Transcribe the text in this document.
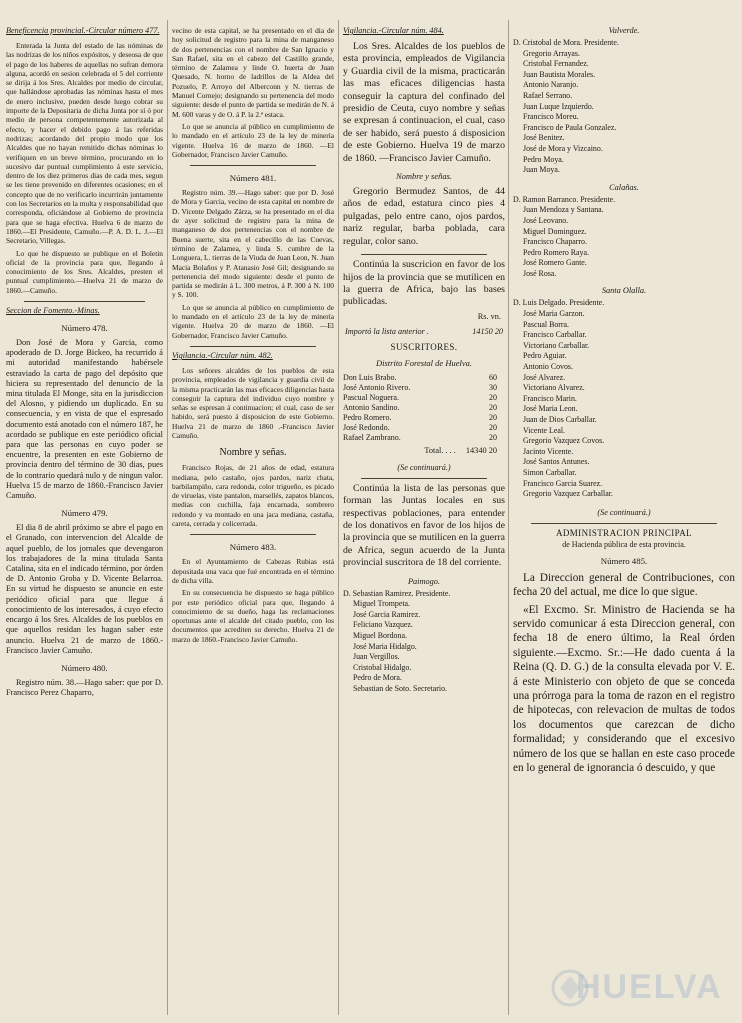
Beneficencia provincial.-Circular número 477.

Enterada la Junta del estado de las nóminas de las nodrizas de los niños expósitos, y deseosa de que el pago de los haberes de aquellas no sufran demora alguna, acordó en sesion celebrada el 5 del corriente se dirija á los Sres. Alcaldes por medio de circular, que hallándose aprobadas las nóminas hasta el mes de enero inclusive, pueden desde luego cobrar su importe de la Depositaria de dicha Junta por sí ó por medio de persona competentemente autorizada al efecto, y hacer el debido pago á las referidas nodrizas; acordando del propio modo que los Alcaldes que no hayan remitido dichas nóminas lo verifiquen en un breve término, procurando en lo sucesivo dar puntual cumplimiento á este servicio, dentro de los diez primeros dias de cada mes, segun se les tiene prevenido en diferentes ocasiones; en el concepto que de no verificarlo incurrirán juntamente con los Secretarios en la multa y responsabilidad que corresponda, oficiándose al Gobierno de provincia para que se haga efectiva. Huelva 6 de marzo de 1860.—El Presidente, Camuño.—P. A. D. L. J.—El Secretario, Villegas.

Lo que he dispuesto se publique en el Boletin oficial de la provincia para que, llegando á conocimiento de los Sres. Alcaldes, presten el puntual cumplimiento.—Huelva 21 de marzo de 1860.—Camuño.

Seccion de Fomento.-Minas.
Número 478.

Don José de Mora y Garcia, como apoderado de D. Jorge Bickeo, ha recurrido á mi autoridad manifestando habérsele estraviado la carta de pago del depósito que hiciera su representado del denuncio de la mina titulada El Monge, sita en la jurisdiccion del Alosno, y pidiendo un duplicado. En su consecuencia, y en vista de que el espresado documento está anotado con el número 187, he acordado se publique en este periódico oficial para que las personas en cuyo poder se encuentre, la presenten en este Gobierno de provincia dentro del término de 30 dias, pues de lo contrario quedará nulo y de ningun valor. Huelva 15 de marzo de 1860.-Francisco Javier Camuño.

Número 479.

El dia 8 de abril próximo se abre el pago en el Granado, con intervencion del Alcalde de aquel pueblo, de los jornales que devengaron los trabajadores de la mina titulada Santa Catalina, sita en el indicado término, por órden de D. Antonio Groba y D. Vicente Belarroa. En su virtud he dispuesto se anuncie en este periódico oficial para que llegue á conocimiento de los interesados, á cuyo efecto encargo á los Sres. Alcaldes de los pueblos en que aquellos residan les hagan saber este anuncio. Huelva 21 de marzo de 1860.-Francisco Javier Camuño.

Número 480.

Registro núm. 38.—Hago saber: que por D. Francisco Perez Chaparro,

vecino de esta capital, se ha presentado en el dia de hoy solicitud de registro para la mina de manganeso de dos pertenencias con el nombre de San Ignacio y San Rafael, sita en el cabezo del Castillo grande, término de Zalamea y linde O. huerta de Juan Quesado, N. horno de ladrillos de la Aldea del Pozuelo, P. Arroyo del Alberconn y N. tierras de Manuel Cornejo; designando su pertenencia del modo siguiente: desde el punto de partida se medirán de N. á M. 600 varas y de O. á P. la 2.ª estaca.

Lo que se anuncia al público en cumplimiento de lo mandado en el artículo 23 de la ley de minería vigente. Huelva 16 de marzo de 1860. —El Gobernador, Francisco Javier Camuño.

Número 481.

Registro núm. 39.—Hago saber: que por D. José de Mora y Garcia, vecino de esta capital en nombre de D. Vicente Delgado Zárza, se ha presentado en el dia de ayer solicitud de registro para la mina de manganeso de dos pertenencias con el nombre de Buena suerte, sita en el cabecillo de las Cuevas, término de Zalamea, y linda S. cumbre de la Longuera, L. tierras de la Viuda de Juan Leon, N. Juan Macia Bolaños y P. Atanasio José Gil; designando su pertenencia del modo siguiente: desde el punto de partida se medirán á L. 300 metros, á P. 300 á N. 100 y S. 100.

Lo que se anuncia al público en cumplimiento de lo mandado en el artículo 23 de la ley de minería vigente. Huelva 20 de marzo de 1860. —El Gobernador, Francisco Javier Camuño.

Vigilancia.-Circular núm. 482.

Los señores alcaldes de los pueblos de esta provincia, empleados de vigilancia y guardia civil de la misma practicarán las mas eficaces diligencias hasta conseguir la captura del individuo cuyo nombre y señas se espresan á continuacion; el cual, caso de ser habido, será puesto á disposicion de este Gobierno. Huelva 21 de marzo de 1860 .-Francisco Javier Camuño.

Nombre y señas.

Francisco Rojas, de 21 años de edad, estatura mediana, pelo castaño, ojos pardos, nariz chata, barbilampiño, cara redonda, color trigueño, es picado de viruelas, viste pantalon, marsellés, zapatos blancos, medias con cuchilla, faja encarnada, sombrero redondo y va montado en una jaca mediana, castaña, careta, cerrada y colicerrada.

Número 483.

En el Ayuntamiento de Cabezas Rubias está depositada una vaca que fué encontrada en el término de dicha villa.

En su consecuencia he dispuesto se haga público por este periódico oficial para que, llegando á conocimiento de su dueño, haga las reclamaciones oportunas ante el alcalde del citado pueblo, con los documentos que acrediten su derecho. Huelva 21 de marzo de 1860.-Francisco Javier Camuño.

Vigilancia.-Circular núm. 484.

Los Sres. Alcaldes de los pueblos de esta provincia, empleados de Vigilancia y Guardia civil de la misma, practicarán las mas eficaces diligencias hasta conseguir la captura del confinado del presidio de Ceuta, cuyo nombre y señas se expresan á continuacion, el cual, caso de ser habido, será puesto á disposicion de este Gobierno. Huelva 19 de marzo de 1860. —Francisco Javier Camuño.

Nombre y señas.

Gregorio Bermudez Santos, de 44 años de edad, estatura cinco pies 4 pulgadas, pelo entre cano, ojos pardos, nariz regular, barba poblada, cara regular, color sano.

Continúa la suscricion en favor de los hijos de la provincia que se mutilicen en la guerra de Africa, bajo las bases publicadas.

Rs. vn.
Importó la lista anterior .	14150 20
SUSCRITORES.
Distrito Forestal de Huelva.
Don Luis Brabo.	60
José Antonio Rivero.	30
Pascual Noguera.	20
Antonio Sandino.	20
Pedro Romero.	20
José Redondo.	20
Rafael Zambrano.	20
Total. . . . 14340 20
(Se continuará.)

Continúa la lista de las personas que forman las Juntas locales en sus respectivas poblaciones, para entender de los donativos en favor de los hijos de la provincia que se mutilicen en la guerra de Africa, segun acuerdo de la Junta provincial suscritora de 18 del corriente.

Paimogo.
D. Sebastian Ramirez. Presidente.
Miguel Trompeta.
José Garcia Ramirez.
Feliciano Vazquez.
Miguel Bordona.
José Maria Hidalgo.
Juan Vergillos.
Cristobal Hidalgo.
Pedro de Mora.
Sebastian de Soto. Secretario.
Valverde.
D. Cristobal de Mora. Presidente.
Gregorio Arrayas.
Cristobal Fernandez.
Juan Bautista Morales.
Antonio Naranjo.
Rafael Serrano.
Juan Luque Izquierdo.
Francisco Moreu.
Francisco de Paula Gonzalez.
José Benitez.
José de Mora y Vizcaino.
Pedro Moya.
Juan Moya.
Calañas.
D. Ramon Barranco. Presidente.
Juan Mendoza y Santana.
José Leovano.
Miguel Dominguez.
Francisco Chaparro.
Pedro Romero Raya.
José Romero Gante.
José Rosa.
Santa Olalla.
D. Luis Delgado. Presidente.
José Maria Garzon.
Pascual Borra.
Francisco Carballar.
Victoriano Carballar.
Pedro Aguiar.
Antonio Covos.
José Alvarez.
Victoriano Alvarez.
Francisco Marin.
José Maria Leon.
Juan de Dios Carballar.
Vicente Leal.
Gregorio Vazquez Covos.
Jacinto Vicente.
José Santos Antunes.
Simon Carballar.
Francisco Garcia Suarez.
Gregorio Vazquez Carballar.
(Se continuará.)
ADMINISTRACION PRINCIPAL
de Hacienda pública de esta provincia.
Número 485.

La Direccion general de Contribuciones, con fecha 20 del actual, me dice lo que sigue.

«El Excmo. Sr. Ministro de Hacienda se ha servido comunicar á esta Direccion general, con fecha 18 de enero último, la Real órden siguiente.—Excmo. Sr.:—He dado cuenta á la Reina (Q. D. G.) de la consulta elevada por V. E. á este Ministerio con objeto de que se conceda una prórroga para la toma de razon en el registro de hipotecas, con relevacion de multas de todos los documentos que carezcan de dicho formalidad; y considerando que el excesivo número de los que se hallan en este caso procede en lo general de ignorancia ó descuido, y que

HUELVA
